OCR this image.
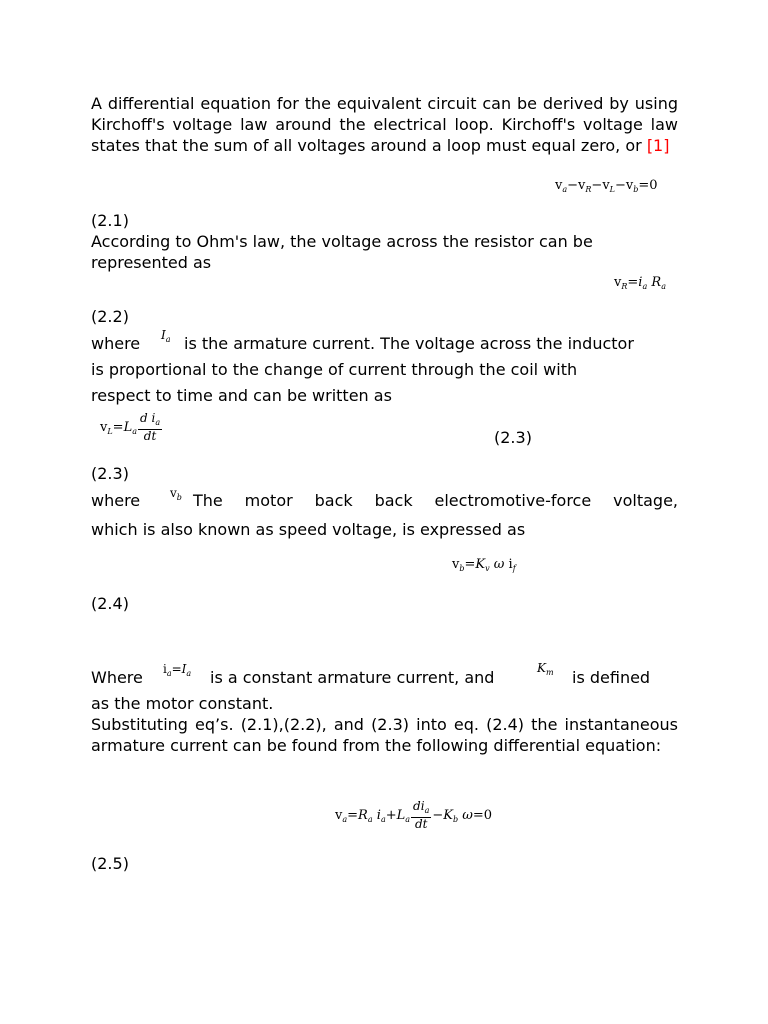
A differential equation for the equivalent circuit can be derived by using Kirchoff's voltage law around the electrical loop. Kirchoff's voltage law states that the sum of all voltages around a loop must equal zero, or [1]

$v_a-v_R-v_L-v_b=0$
(2.1)

According to Ohm's law, the voltage across the resistor can be represented as

$v_R=i_a$ $R_a$
(2.2)
where $I_a$ is the armature current. The voltage across the inductor
is proportional to the change of current through the coil with
respect to time and can be written as
$v_L=L_a \frac{d i_a}{dt}$	(2.3)
(2.3)
where $v_b$ The motor back back electromotive-force voltage,
which is also known as speed voltage, is expressed as
$v_b=K_v$ ω $i_f$
(2.4)
Where $i_a=I_a$ is a constant armature current, and	$K_m$ is defined
as the motor constant.

Substituting eq’s. (2.1),(2.2), and (2.3) into eq. (2.4) the instantaneous armature current can be found from the following differential equation:

$v_a=R_a$ $i_a+L_a \frac{di_a}{dt} -K_b$ ω=0
(2.5)
